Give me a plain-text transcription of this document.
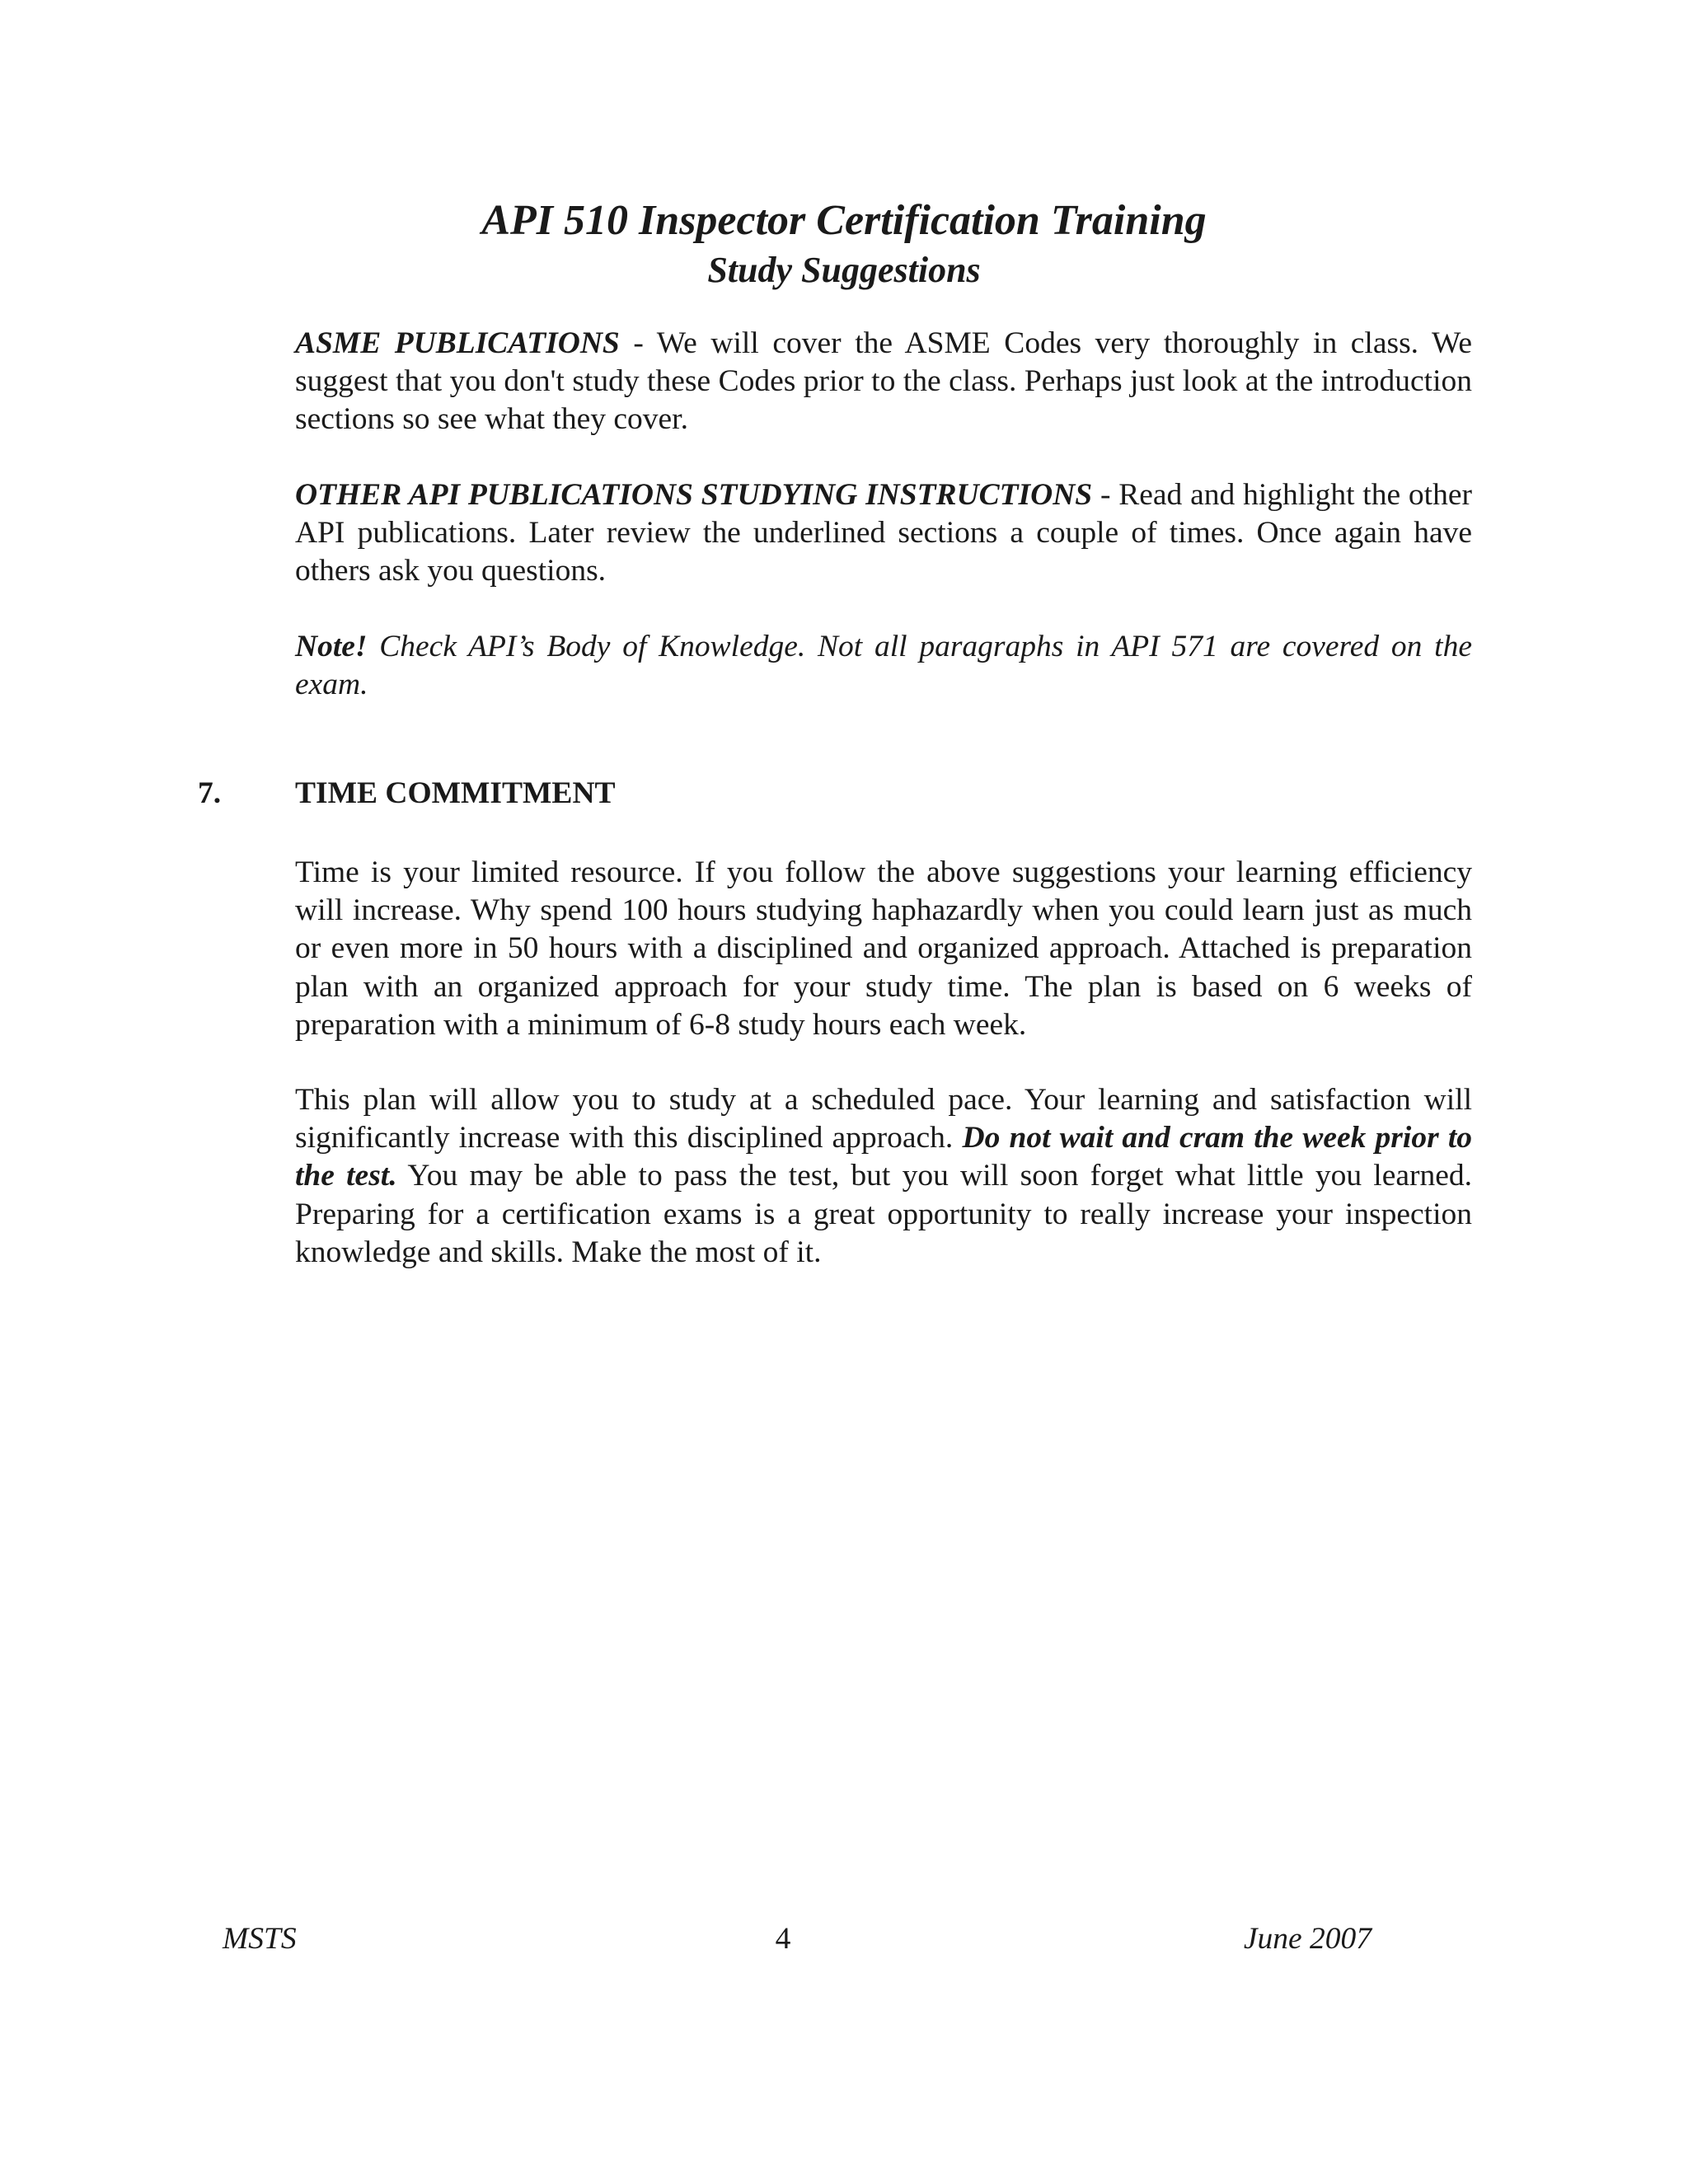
API 510 Inspector Certification Training
Study Suggestions

ASME PUBLICATIONS - We will cover the ASME Codes very thoroughly in class. We suggest that you don't study these Codes prior to the class. Perhaps just look at the introduction sections so see what they cover.

OTHER API PUBLICATIONS STUDYING INSTRUCTIONS - Read and highlight the other API publications. Later review the underlined sections a couple of times. Once again have others ask you questions.

Note! Check API’s Body of Knowledge. Not all paragraphs in API 571 are covered on the exam.

7. TIME COMMITMENT

Time is your limited resource. If you follow the above suggestions your learning efficiency will increase. Why spend 100 hours studying haphazardly when you could learn just as much or even more in 50 hours with a disciplined and organized approach. Attached is preparation plan with an organized approach for your study time. The plan is based on 6 weeks of preparation with a minimum of 6-8 study hours each week.

This plan will allow you to study at a scheduled pace. Your learning and satisfaction will significantly increase with this disciplined approach. Do not wait and cram the week prior to the test. You may be able to pass the test, but you will soon forget what little you learned. Preparing for a certification exams is a great opportunity to really increase your inspection knowledge and skills. Make the most of it.

MSTS	4	June 2007
